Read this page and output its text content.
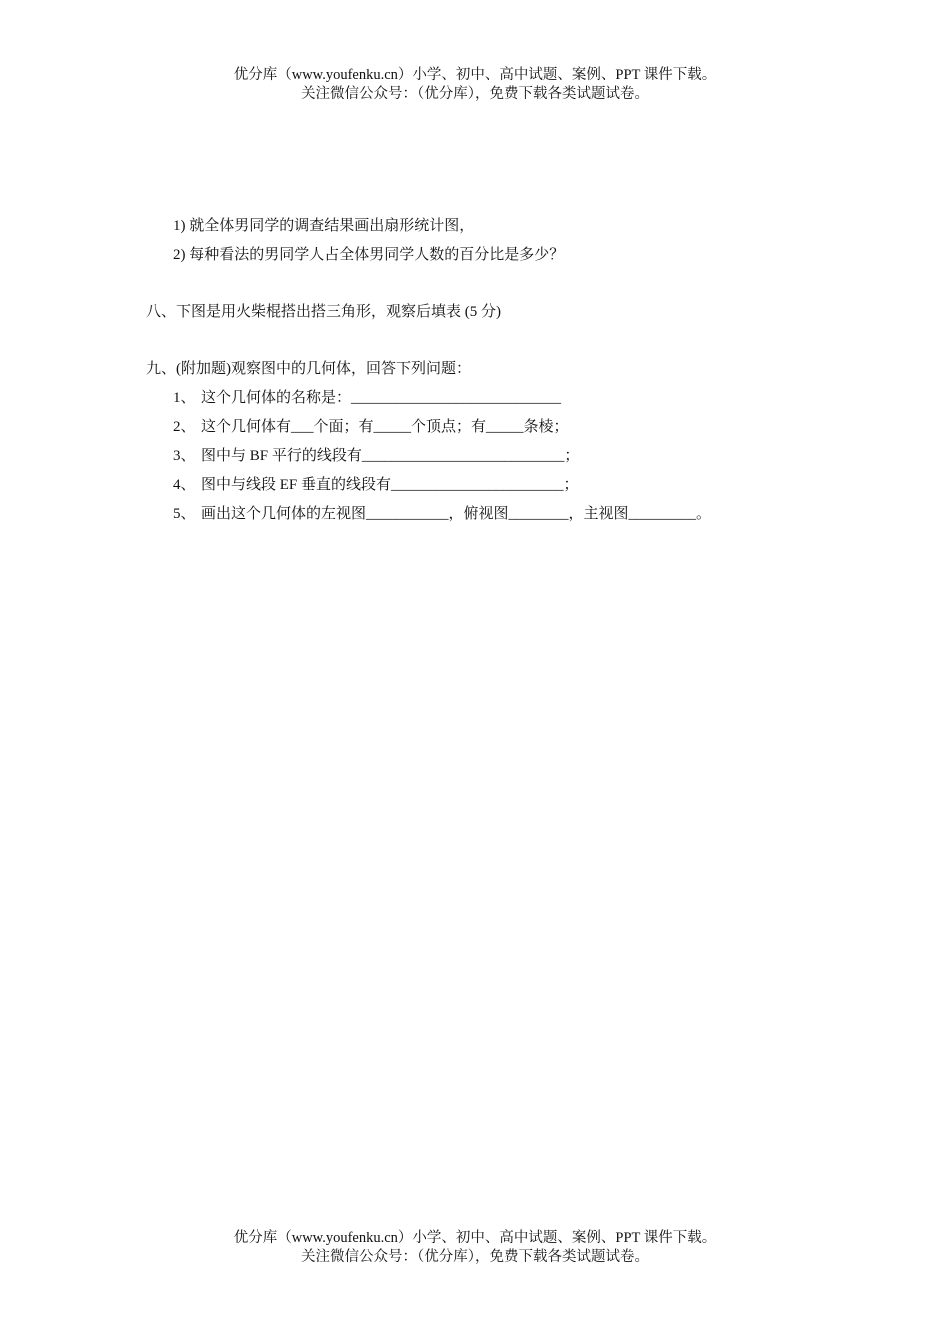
优分库（www.youfenku.cn）小学、初中、高中试题、案例、PPT 课件下载。
关注微信公众号：（优分库），免费下载各类试题试卷。
1) 就全体男同学的调查结果画出扇形统计图，
2) 每种看法的男同学人占全体男同学人数的百分比是多少？
八、下图是用火柴棍搭出搭三角形，观察后填表 (5 分)
九、(附加题)观察图中的几何体，回答下列问题：
1、 这个几何体的名称是：____________________________
2、 这个几何体有___个面；有_____个顶点；有_____条棱；
3、 图中与 BF 平行的线段有___________________________；
4、 图中与线段 EF 垂直的线段有_______________________；
5、 画出这个几何体的左视图___________，俯视图________，主视图_________。
优分库（www.youfenku.cn）小学、初中、高中试题、案例、PPT 课件下载。
关注微信公众号：（优分库），免费下载各类试题试卷。
